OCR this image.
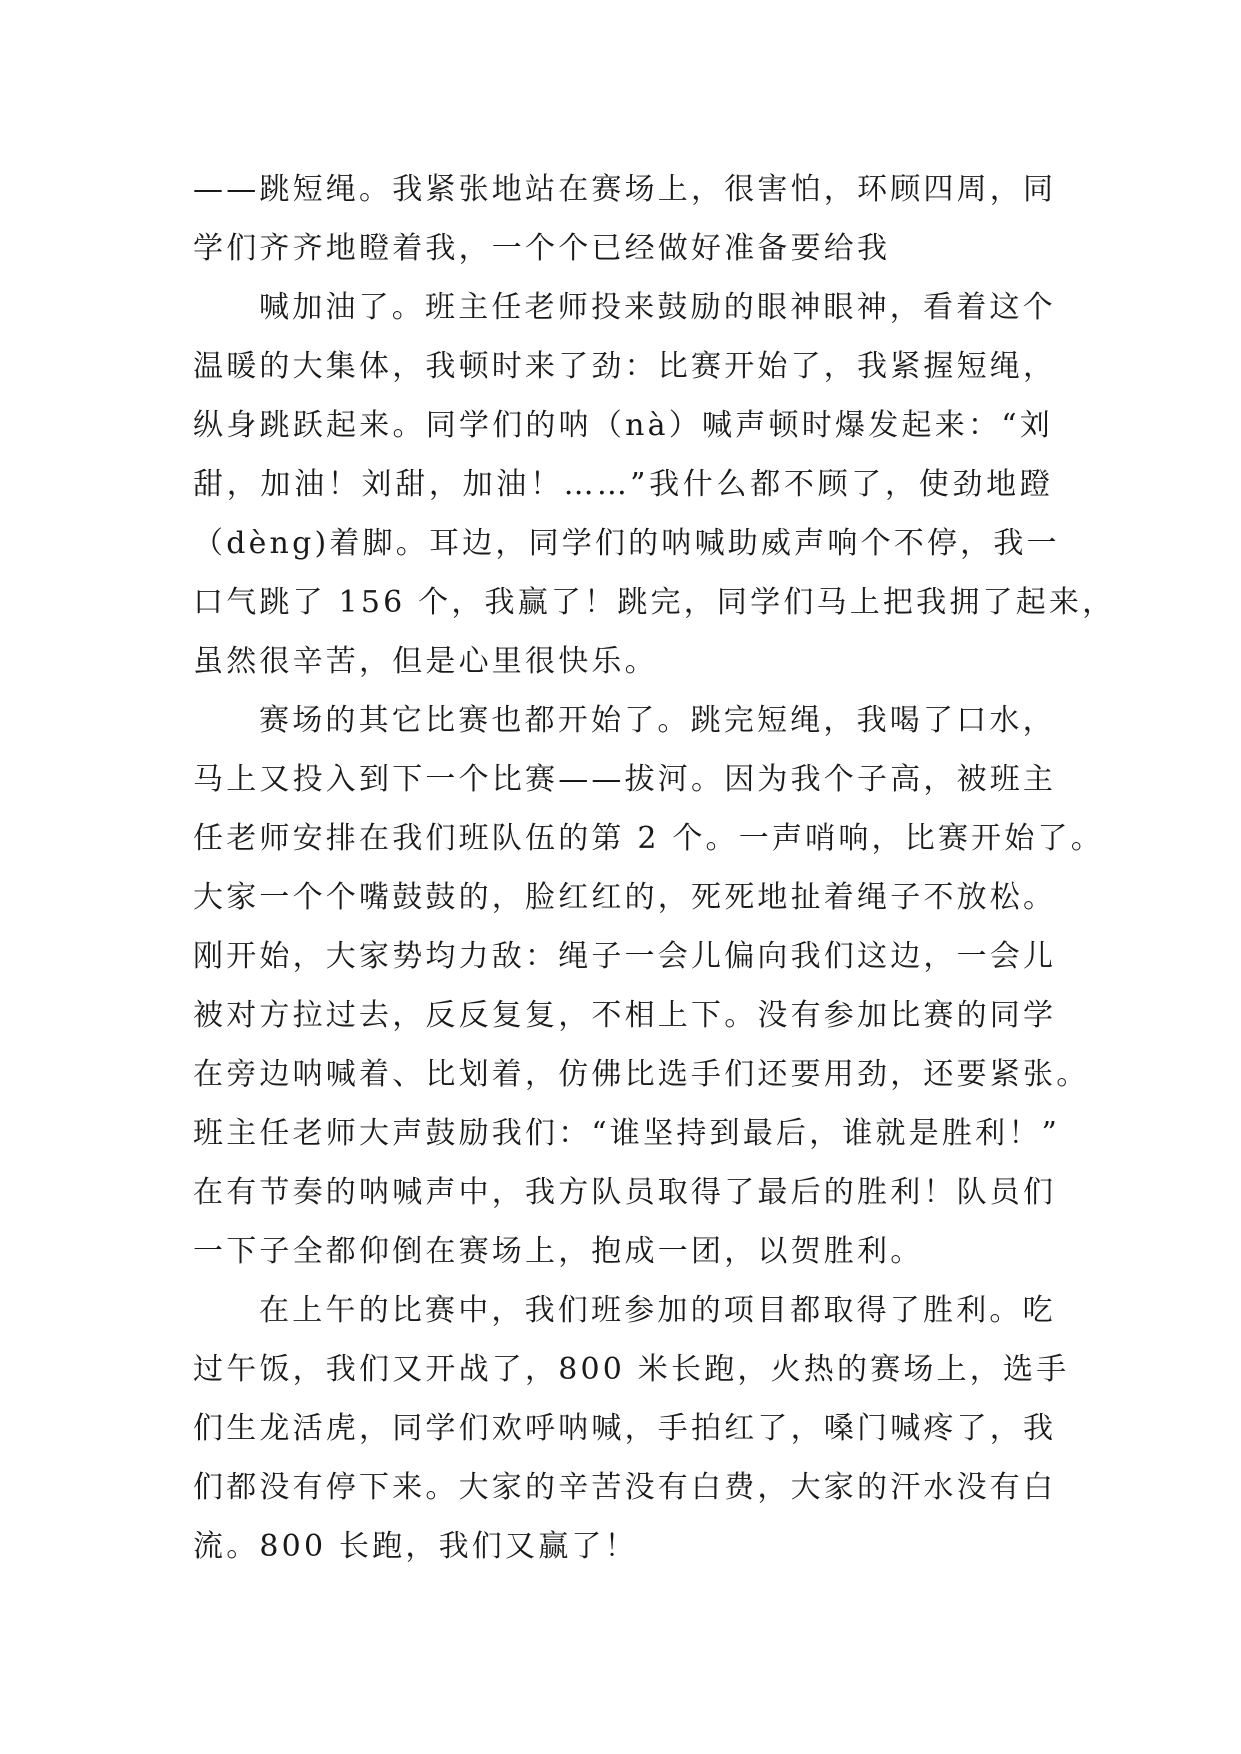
——跳短绳。我紧张地站在赛场上，很害怕，环顾四周，同
学们齐齐地瞪着我，一个个已经做好准备要给我

喊加油了。班主任老师投来鼓励的眼神眼神，看着这个
温暖的大集体，我顿时来了劲：比赛开始了，我紧握短绳，
纵身跳跃起来。同学们的呐（nà）喊声顿时爆发起来：“刘
甜，加油！刘甜，加油！……”我什么都不顾了，使劲地蹬
（dèng)着脚。耳边，同学们的呐喊助威声响个不停，我一
口气跳了 156 个，我赢了！跳完，同学们马上把我拥了起来，
虽然很辛苦，但是心里很快乐。

赛场的其它比赛也都开始了。跳完短绳，我喝了口水，
马上又投入到下一个比赛——拔河。因为我个子高，被班主
任老师安排在我们班队伍的第 2 个。一声哨响，比赛开始了。
大家一个个嘴鼓鼓的，脸红红的，死死地扯着绳子不放松。
刚开始，大家势均力敌：绳子一会儿偏向我们这边，一会儿
被对方拉过去，反反复复，不相上下。没有参加比赛的同学
在旁边呐喊着、比划着，仿佛比选手们还要用劲，还要紧张。
班主任老师大声鼓励我们：“谁坚持到最后，谁就是胜利！”
在有节奏的呐喊声中，我方队员取得了最后的胜利！队员们
一下子全都仰倒在赛场上，抱成一团，以贺胜利。

在上午的比赛中，我们班参加的项目都取得了胜利。吃
过午饭，我们又开战了，800 米长跑，火热的赛场上，选手
们生龙活虎，同学们欢呼呐喊，手拍红了，嗓门喊疼了，我
们都没有停下来。大家的辛苦没有白费，大家的汗水没有白
流。800 长跑，我们又赢了！
